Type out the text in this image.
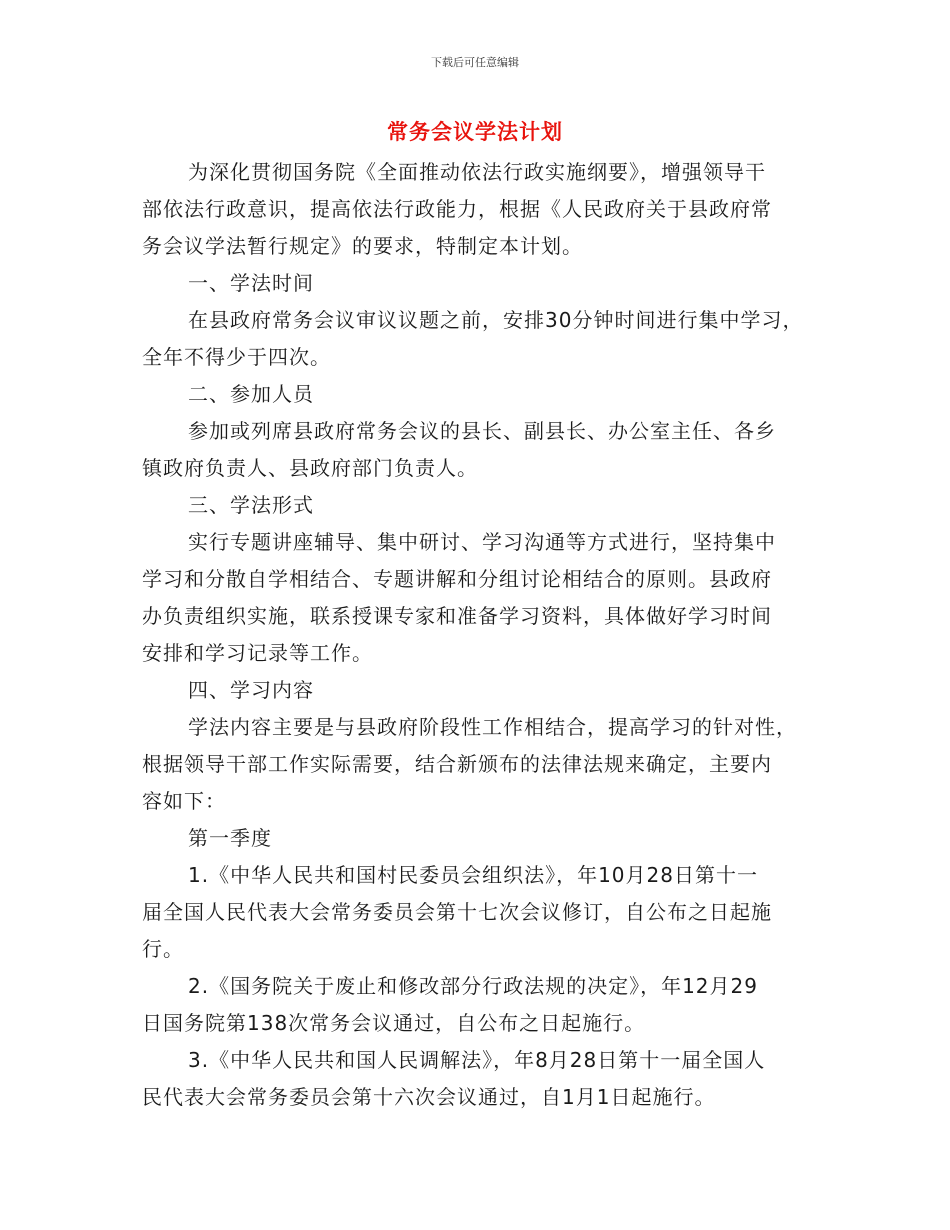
下载后可任意编辑
常务会议学法计划

为深化贯彻国务院《全面推动依法行政实施纲要》，增强领导干
部依法行政意识，提高依法行政能力，根据《人民政府关于县政府常
务会议学法暂行规定》的要求，特制定本计划。

一、学法时间

在县政府常务会议审议议题之前，安排30分钟时间进行集中学习，
全年不得少于四次。

二、参加人员

参加或列席县政府常务会议的县长、副县长、办公室主任、各乡
镇政府负责人、县政府部门负责人。

三、学法形式

实行专题讲座辅导、集中研讨、学习沟通等方式进行，坚持集中
学习和分散自学相结合、专题讲解和分组讨论相结合的原则。县政府
办负责组织实施，联系授课专家和准备学习资料，具体做好学习时间
安排和学习记录等工作。

四、学习内容

学法内容主要是与县政府阶段性工作相结合，提高学习的针对性，
根据领导干部工作实际需要，结合新颁布的法律法规来确定，主要内
容如下：

第一季度

1.《中华人民共和国村民委员会组织法》，年10月28日第十一
届全国人民代表大会常务委员会第十七次会议修订，自公布之日起施
行。

2.《国务院关于废止和修改部分行政法规的决定》，年12月29
日国务院第138次常务会议通过，自公布之日起施行。

3.《中华人民共和国人民调解法》，年8月28日第十一届全国人
民代表大会常务委员会第十六次会议通过，自1月1日起施行。
